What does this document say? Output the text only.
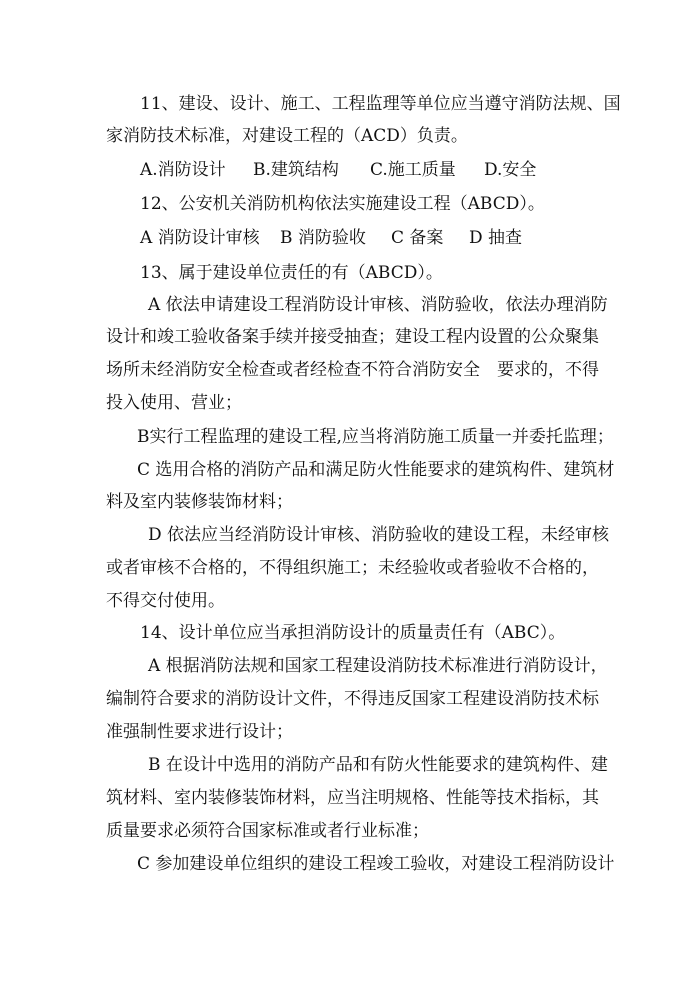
11、建设、设计、施工、工程监理等单位应当遵守消防法规、国
家消防技术标准，对建设工程的（ACD）负责。
A.消防设计 B.建筑结构 C.施工质量 D.安全
12、公安机关消防机构依法实施建设工程（ABCD）。
A 消防设计审核 B 消防验收 C 备案 D 抽查
13、属于建设单位责任的有（ABCD）。
A 依法申请建设工程消防设计审核、消防验收，依法办理消防
设计和竣工验收备案手续并接受抽查；建设工程内设置的公众聚集
场所未经消防安全检查或者经检查不符合消防安全　要求的，不得
投入使用、营业；
B实行工程监理的建设工程,应当将消防施工质量一并委托监理；
C 选用合格的消防产品和满足防火性能要求的建筑构件、建筑材
料及室内装修装饰材料；
D 依法应当经消防设计审核、消防验收的建设工程，未经审核
或者审核不合格的，不得组织施工；未经验收或者验收不合格的，
不得交付使用。
14、设计单位应当承担消防设计的质量责任有（ABC）。
A 根据消防法规和国家工程建设消防技术标准进行消防设计，
编制符合要求的消防设计文件，不得违反国家工程建设消防技术标
准强制性要求进行设计；
B 在设计中选用的消防产品和有防火性能要求的建筑构件、建
筑材料、室内装修装饰材料，应当注明规格、性能等技术指标，其
质量要求必须符合国家标准或者行业标准；
C 参加建设单位组织的建设工程竣工验收，对建设工程消防设计
